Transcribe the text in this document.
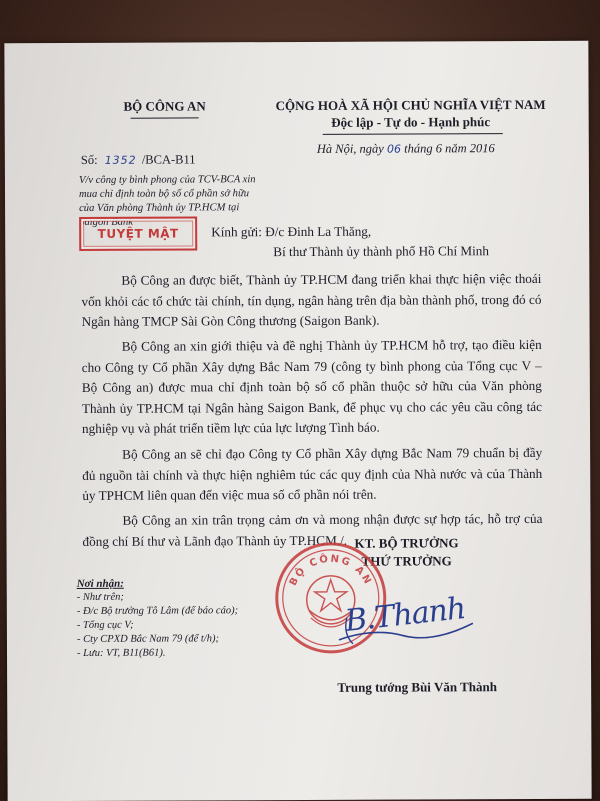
BỘ CÔNG AN
Số: 1352 /BCA-B11
V/v công ty bình phong của TCV-BCA xin mua chỉ định toàn bộ số cổ phần sở hữu của Văn phòng Thành ủy TP.HCM tại Saigon Bank
CỘNG HOÀ XÃ HỘI CHỦ NGHĨA VIỆT NAM
Độc lập - Tự do - Hạnh phúc
Hà Nội, ngày 06 tháng 6 năm 2016
TUYỆT MẬT	Kính gửi: Đ/c Đinh La Thăng,
Bí thư Thành ủy thành phố Hồ Chí Minh
Bộ Công an được biết, Thành ủy TP.HCM đang triển khai thực hiện việc thoái vốn khỏi các tổ chức tài chính, tín dụng, ngân hàng trên địa bàn thành phố, trong đó có Ngân hàng TMCP Sài Gòn Công thương (Saigon Bank).
Bộ Công an xin giới thiệu và đề nghị Thành ủy TP.HCM hỗ trợ, tạo điều kiện cho Công ty Cổ phần Xây dựng Bắc Nam 79 (công ty bình phong của Tổng cục V – Bộ Công an) được mua chỉ định toàn bộ số cổ phần thuộc sở hữu của Văn phòng Thành ủy TP.HCM tại Ngân hàng Saigon Bank, để phục vụ cho các yêu cầu công tác nghiệp vụ và phát triển tiềm lực của lực lượng Tình báo.
Bộ Công an sẽ chỉ đạo Công ty Cổ phần Xây dựng Bắc Nam 79 chuẩn bị đầy đủ nguồn tài chính và thực hiện nghiêm túc các quy định của Nhà nước và của Thành ủy TPHCM liên quan đến việc mua số cổ phần nói trên.
Bộ Công an xin trân trọng cảm ơn và mong nhận được sự hợp tác, hỗ trợ của đồng chí Bí thư và Lãnh đạo Thành ủy TP.HCM./.
Nơi nhận:
- Như trên;
- Đ/c Bộ trưởng Tô Lâm (để báo cáo);
- Tổng cục V;
- Cty CPXD Bắc Nam 79 (để t/h);
- Lưu: VT, B11(B61).
KT. BỘ TRƯỞNG
THỨ TRƯỞNG
BỘ CÔNG AN
B.Thanh
Trung tướng Bùi Văn Thành
